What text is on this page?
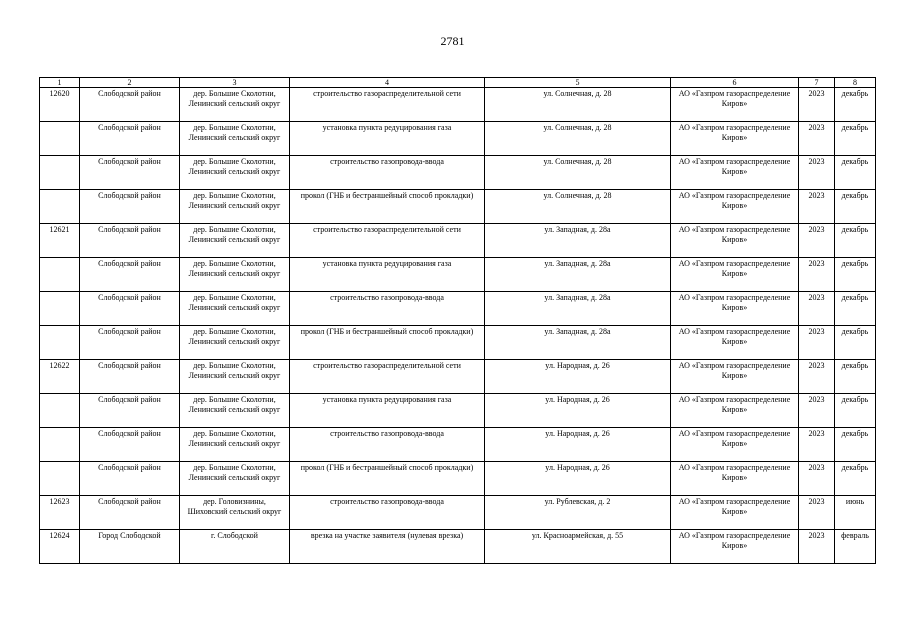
2781
1	2	3	4	5	6	7	8
12620	Слободской район	дер. Большие Сколотни,
Ленинский сельский округ	строительство газораспределительной сети	ул. Солнечная, д. 28	АО «Газпром газораспределение
Киров»	2023	декабрь
	Слободской район	дер. Большие Сколотни,
Ленинский сельский округ	установка пункта редуцирования газа	ул. Солнечная, д. 28	АО «Газпром газораспределение
Киров»	2023	декабрь
	Слободской район	дер. Большие Сколотни,
Ленинский сельский округ	строительство газопровода-ввода	ул. Солнечная, д. 28	АО «Газпром газораспределение
Киров»	2023	декабрь
	Слободской район	дер. Большие Сколотни,
Ленинский сельский округ	прокол (ГНБ и бестраншейный способ прокладки)	ул. Солнечная, д. 28	АО «Газпром газораспределение
Киров»	2023	декабрь
12621	Слободской район	дер. Большие Сколотни,
Ленинский сельский округ	строительство газораспределительной сети	ул. Западная, д. 28а	АО «Газпром газораспределение
Киров»	2023	декабрь
	Слободской район	дер. Большие Сколотни,
Ленинский сельский округ	установка пункта редуцирования газа	ул. Западная, д. 28а	АО «Газпром газораспределение
Киров»	2023	декабрь
	Слободской район	дер. Большие Сколотни,
Ленинский сельский округ	строительство газопровода-ввода	ул. Западная, д. 28а	АО «Газпром газораспределение
Киров»	2023	декабрь
	Слободской район	дер. Большие Сколотни,
Ленинский сельский округ	прокол (ГНБ и бестраншейный способ прокладки)	ул. Западная, д. 28а	АО «Газпром газораспределение
Киров»	2023	декабрь
12622	Слободской район	дер. Большие Сколотни,
Ленинский сельский округ	строительство газораспределительной сети	ул. Народная, д. 26	АО «Газпром газораспределение
Киров»	2023	декабрь
	Слободской район	дер. Большие Сколотни,
Ленинский сельский округ	установка пункта редуцирования газа	ул. Народная, д. 26	АО «Газпром газораспределение
Киров»	2023	декабрь
	Слободской район	дер. Большие Сколотни,
Ленинский сельский округ	строительство газопровода-ввода	ул. Народная, д. 26	АО «Газпром газораспределение
Киров»	2023	декабрь
	Слободской район	дер. Большие Сколотни,
Ленинский сельский округ	прокол (ГНБ и бестраншейный способ прокладки)	ул. Народная, д. 26	АО «Газпром газораспределение
Киров»	2023	декабрь
12623	Слободской район	дер. Головизнины,
Шиховский сельский округ	строительство газопровода-ввода	ул. Рублевская, д. 2	АО «Газпром газораспределение
Киров»	2023	июнь
12624	Город Слободской	г. Слободской	врезка на участке заявителя (нулевая врезка)	ул. Красноармейская, д. 55	АО «Газпром газораспределение
Киров»	2023	февраль
